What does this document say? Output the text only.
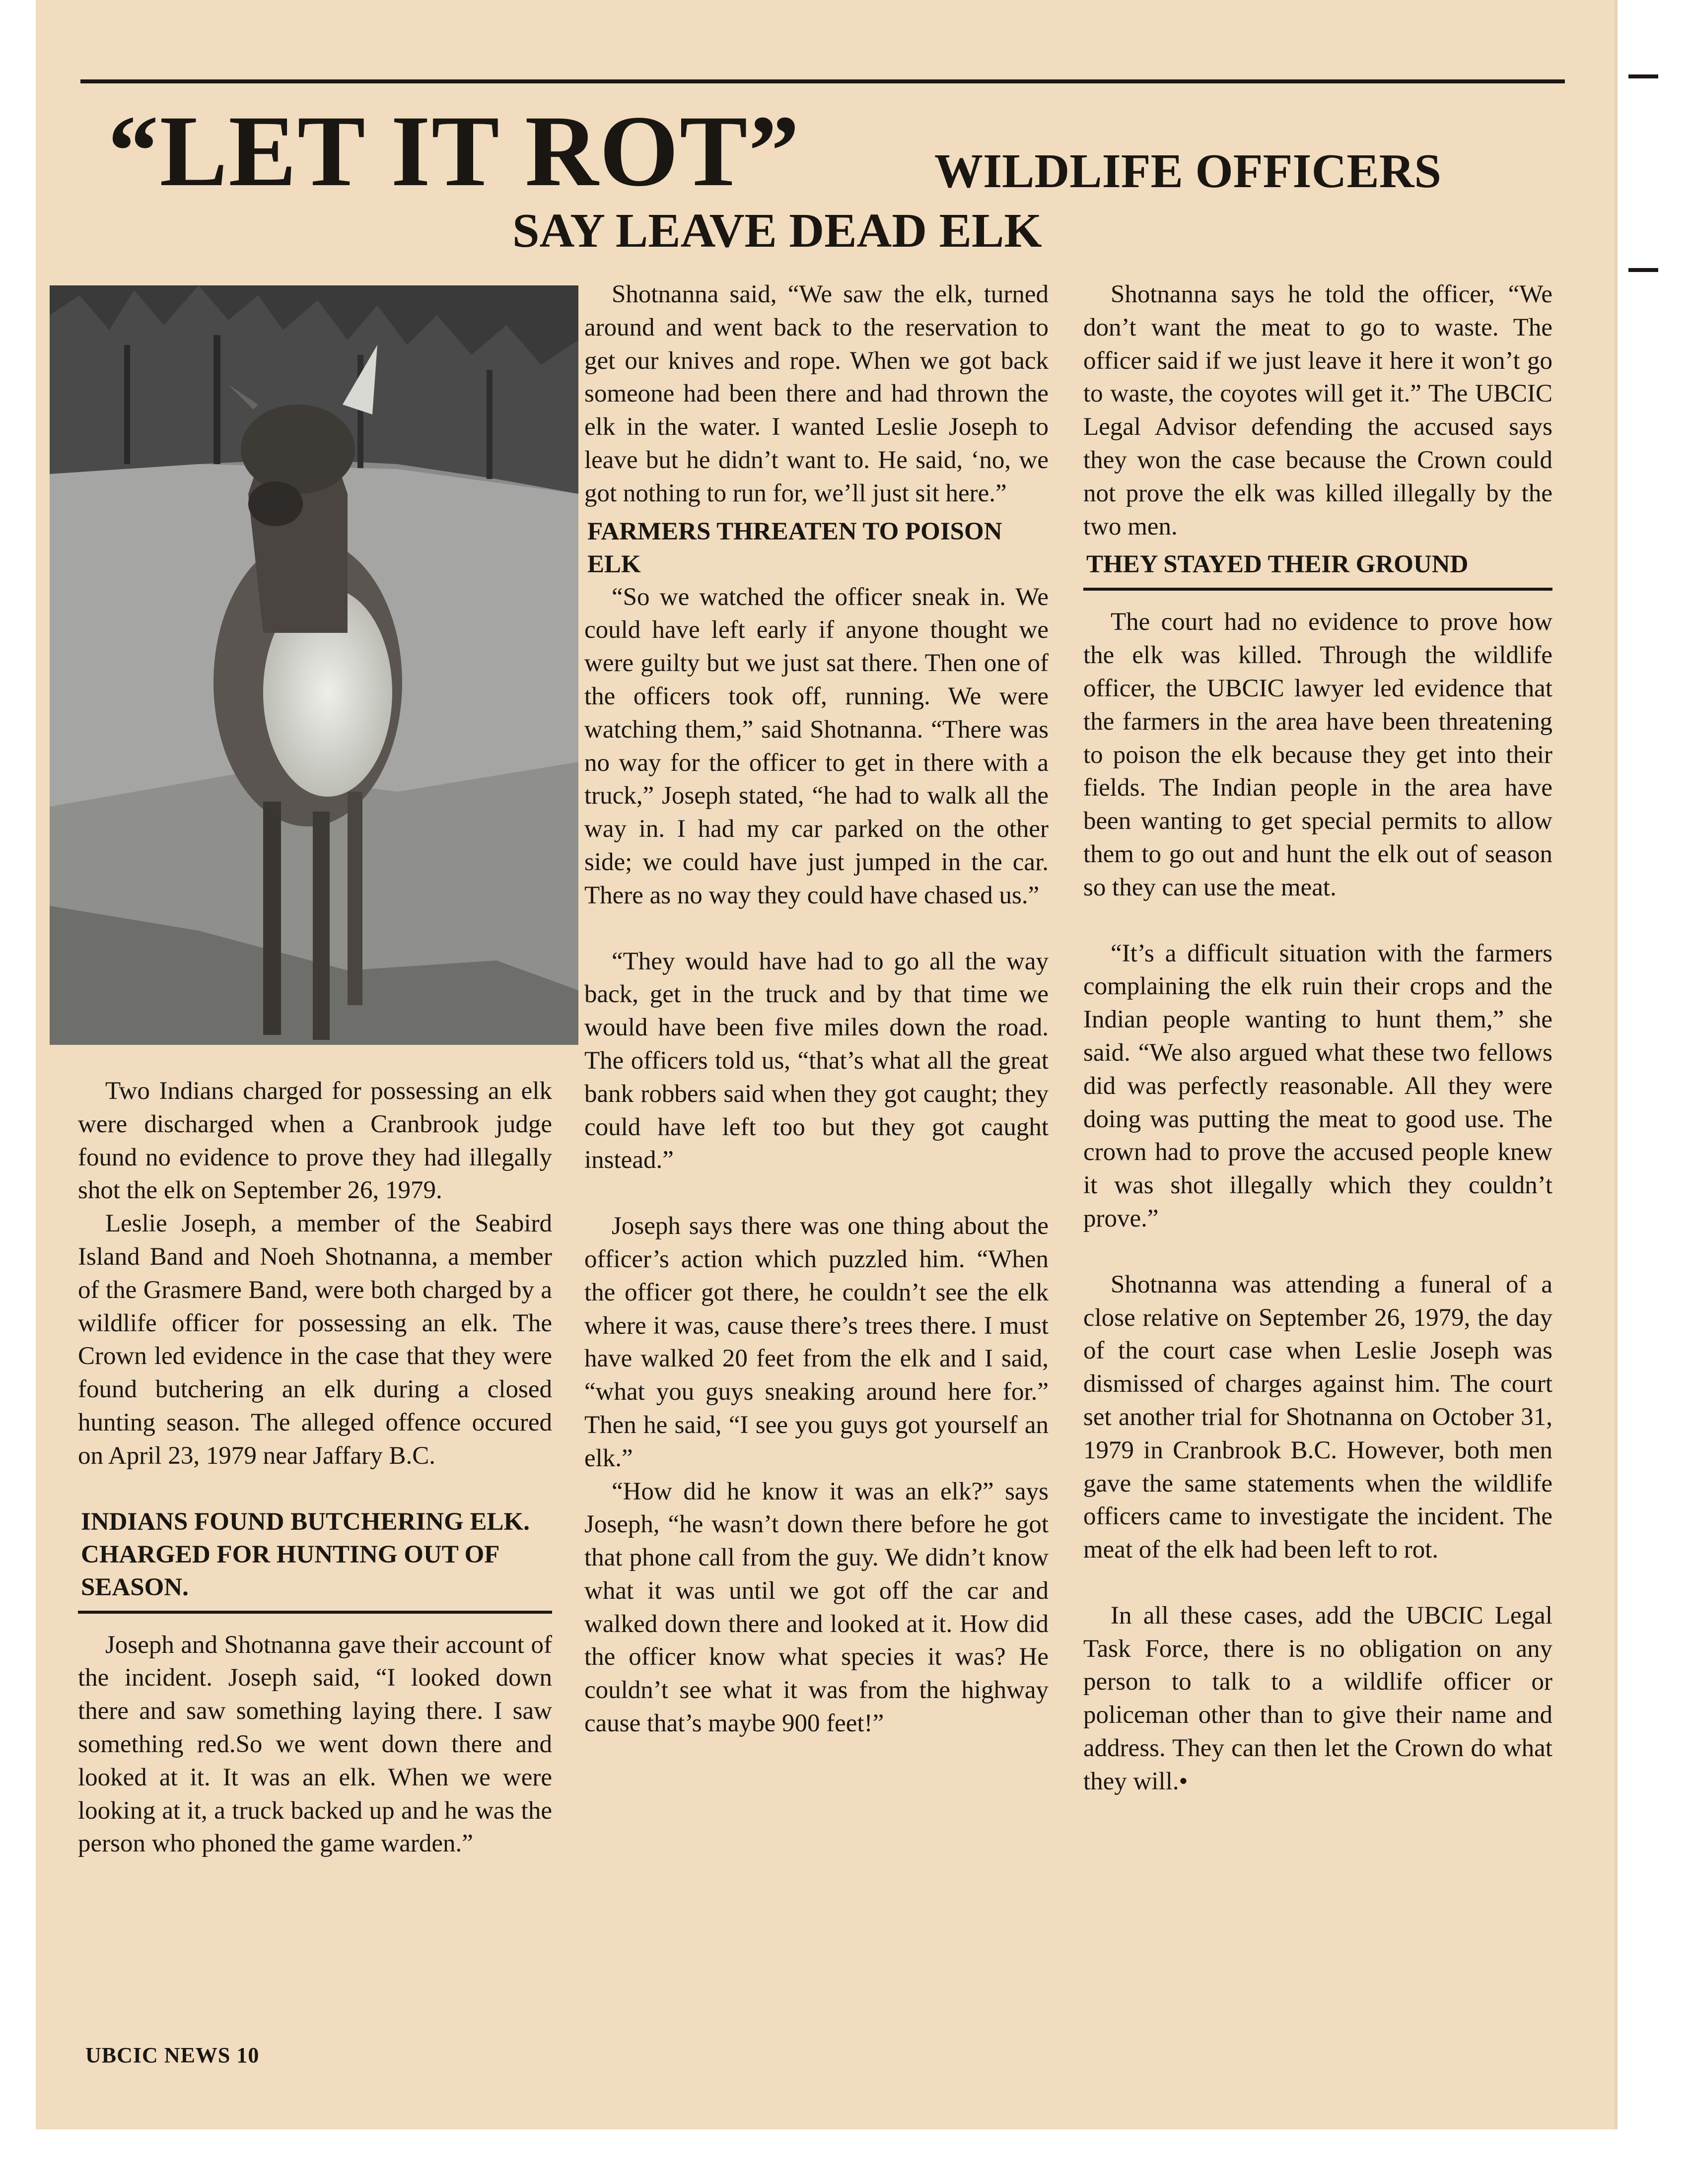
“LET IT ROT”	WILDLIFE OFFICERS
SAY LEAVE DEAD ELK

Two Indians charged for possessing an elk were discharged when a Cranbrook judge found no evidence to prove they had illegally shot the elk on September 26, 1979.

Leslie Joseph, a member of the Seabird Island Band and Noeh Shotnanna, a member of the Grasmere Band, were both charged by a wildlife officer for possessing an elk. The Crown led evidence in the case that they were found butchering an elk during a closed hunting season. The alleged offence occured on April 23, 1979 near Jaffary B.C.

INDIANS FOUND BUTCHERING ELK. CHARGED FOR HUNTING OUT OF SEASON.

Joseph and Shotnanna gave their account of the incident. Joseph said, “I looked down there and saw something laying there. I saw something red.So we went down there and looked at it. It was an elk. When we were looking at it, a truck backed up and he was the person who phoned the game warden.”

Shotnanna said, “We saw the elk, turned around and went back to the reservation to get our knives and rope. When we got back someone had been there and had thrown the elk in the water. I wanted Leslie Joseph to leave but he didn’t want to. He said, ‘no, we got nothing to run for, we’ll just sit here.”

FARMERS THREATEN TO POISON ELK

“So we watched the officer sneak in. We could have left early if anyone thought we were guilty but we just sat there. Then one of the officers took off, running. We were watching them,” said Shotnanna. “There was no way for the officer to get in there with a truck,” Joseph stated, “he had to walk all the way in. I had my car parked on the other side; we could have just jumped in the car. There as no way they could have chased us.”

“They would have had to go all the way back, get in the truck and by that time we would have been five miles down the road. The officers told us, “that’s what all the great bank robbers said when they got caught; they could have left too but they got caught instead.”

Joseph says there was one thing about the officer’s action which puzzled him. “When the officer got there, he couldn’t see the elk where it was, cause there’s trees there. I must have walked 20 feet from the elk and I said, “what you guys sneaking around here for.” Then he said, “I see you guys got yourself an elk.”

“How did he know it was an elk?” says Joseph, “he wasn’t down there before he got that phone call from the guy. We didn’t know what it was until we got off the car and walked down there and looked at it. How did the officer know what species it was? He couldn’t see what it was from the highway cause that’s maybe 900 feet!”

Shotnanna says he told the officer, “We don’t want the meat to go to waste. The officer said if we just leave it here it won’t go to waste, the coyotes will get it.” The UBCIC Legal Advisor defending the accused says they won the case because the Crown could not prove the elk was killed illegally by the two men.

THEY STAYED THEIR GROUND

The court had no evidence to prove how the elk was killed. Through the wildlife officer, the UBCIC lawyer led evidence that the farmers in the area have been threatening to poison the elk because they get into their fields. The Indian people in the area have been wanting to get special permits to allow them to go out and hunt the elk out of season so they can use the meat.

“It’s a difficult situation with the farmers complaining the elk ruin their crops and the Indian people wanting to hunt them,” she said. “We also argued what these two fellows did was perfectly reasonable. All they were doing was putting the meat to good use. The crown had to prove the accused people knew it was shot illegally which they couldn’t prove.”

Shotnanna was attending a funeral of a close relative on September 26, 1979, the day of the court case when Leslie Joseph was dismissed of charges against him. The court set another trial for Shotnanna on October 31, 1979 in Cranbrook B.C. However, both men gave the same statements when the wildlife officers came to investigate the incident. The meat of the elk had been left to rot.

In all these cases, add the UBCIC Legal Task Force, there is no obligation on any person to talk to a wildlife officer or policeman other than to give their name and address. They can then let the Crown do what they will.•

UBCIC NEWS 10
